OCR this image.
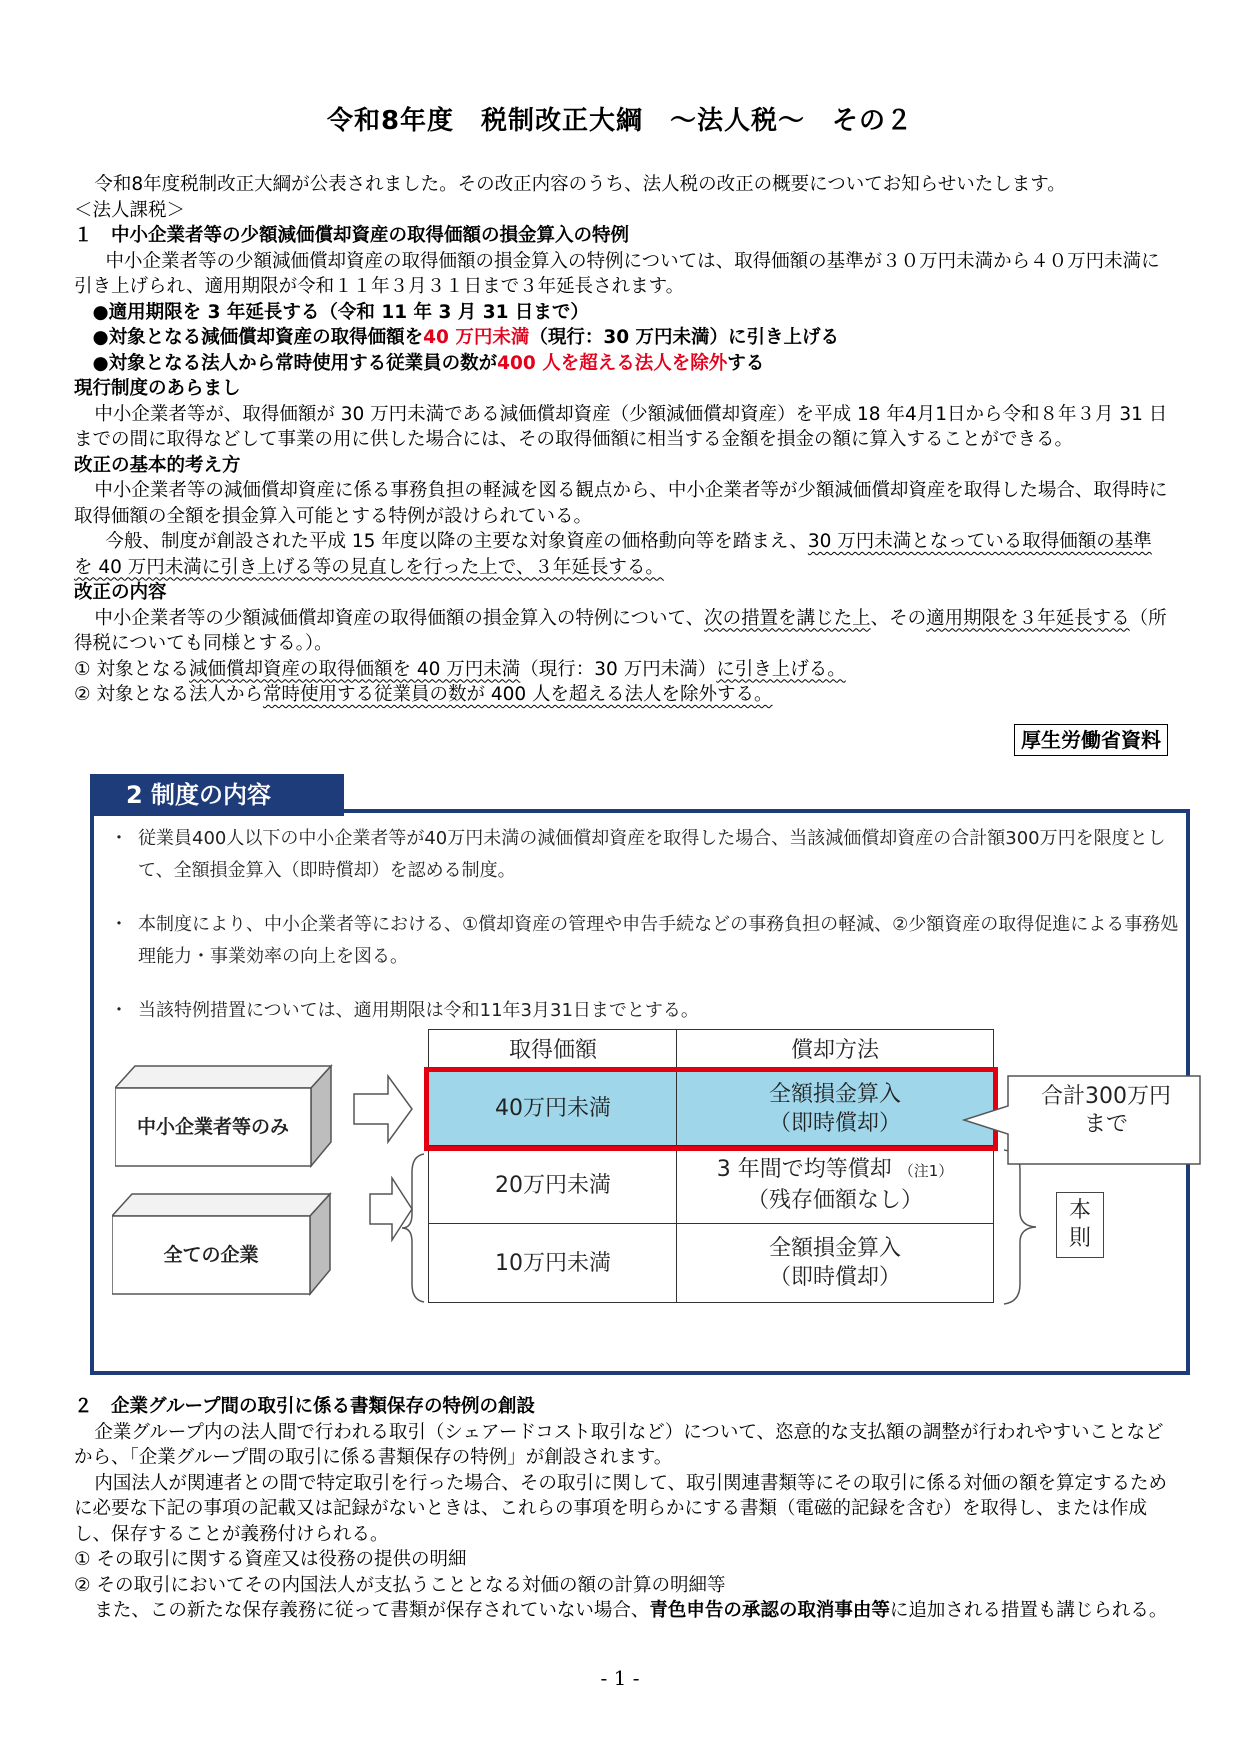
令和8年度　税制改正大綱　～法人税～　その２

令和8年度税制改正大綱が公表されました。その改正内容のうち、法人税の改正の概要についてお知らせいたします。

＜法人課税＞

１　中小企業者等の少額減価償却資産の取得価額の損金算入の特例

中小企業者等の少額減価償却資産の取得価額の損金算入の特例については、取得価額の基準が３０万円未満から４０万円未満に引き上げられ、適用期限が令和１１年３月３１日まで３年延長されます。

●適用期限を 3 年延長する（令和 11 年 3 月 31 日まで）

●対象となる減価償却資産の取得価額を40 万円未満（現行：30 万円未満）に引き上げる

●対象となる法人から常時使用する従業員の数が400 人を超える法人を除外する

現行制度のあらまし

中小企業者等が、取得価額が 30 万円未満である減価償却資産（少額減価償却資産）を平成 18 年4月1日から令和８年３月 31 日までの間に取得などして事業の用に供した場合には、その取得価額に相当する金額を損金の額に算入することができる。

改正の基本的考え方

中小企業者等の減価償却資産に係る事務負担の軽減を図る観点から、中小企業者等が少額減価償却資産を取得した場合、取得時に取得価額の全額を損金算入可能とする特例が設けられている。

今般、制度が創設された平成 15 年度以降の主要な対象資産の価格動向等を踏まえ、30 万円未満となっている取得価額の基準を 40 万円未満に引き上げる等の見直しを行った上で、３年延長する。

改正の内容

中小企業者等の少額減価償却資産の取得価額の損金算入の特例について、次の措置を講じた上、その適用期限を３年延長する（所得税についても同様とする。）。

① 対象となる減価償却資産の取得価額を 40 万円未満（現行：30 万円未満）に引き上げる。

② 対象となる法人から常時使用する従業員の数が 400 人を超える法人を除外する。

厚生労働省資料
2 制度の内容
・ 従業員400人以下の中小企業者等が40万円未満の減価償却資産を取得した場合、当該減価償却資産の合計額300万円を限度として、全額損金算入（即時償却）を認める制度。
・ 本制度により、中小企業者等における、①償却資産の管理や申告手続などの事務負担の軽減、②少額資産の取得促進による事務処理能力・事業効率の向上を図る。
・ 当該特例措置については、適用期限は令和11年3月31日までとする。
中小企業者等のみ
全ての企業
取得価額	償却方法
40万円未満
全額損金算入
（即時償却）
20万円未満
3 年間で均等償却 （注1）
（残存価額なし）
10万円未満
全額損金算入
（即時償却）
合計300万円
まで
本
則

２　企業グループ間の取引に係る書類保存の特例の創設

企業グループ内の法人間で行われる取引（シェアードコスト取引など）について、恣意的な支払額の調整が行われやすいことなどから、「企業グループ間の取引に係る書類保存の特例」が創設されます。

内国法人が関連者との間で特定取引を行った場合、その取引に関して、取引関連書類等にその取引に係る対価の額を算定するために必要な下記の事項の記載又は記録がないときは、これらの事項を明らかにする書類（電磁的記録を含む）を取得し、または作成し、保存することが義務付けられる。

① その取引に関する資産又は役務の提供の明細

② その取引においてその内国法人が支払うこととなる対価の額の計算の明細等

また、この新たな保存義務に従って書類が保存されていない場合、青色申告の承認の取消事由等に追加される措置も講じられる。

- 1 -
